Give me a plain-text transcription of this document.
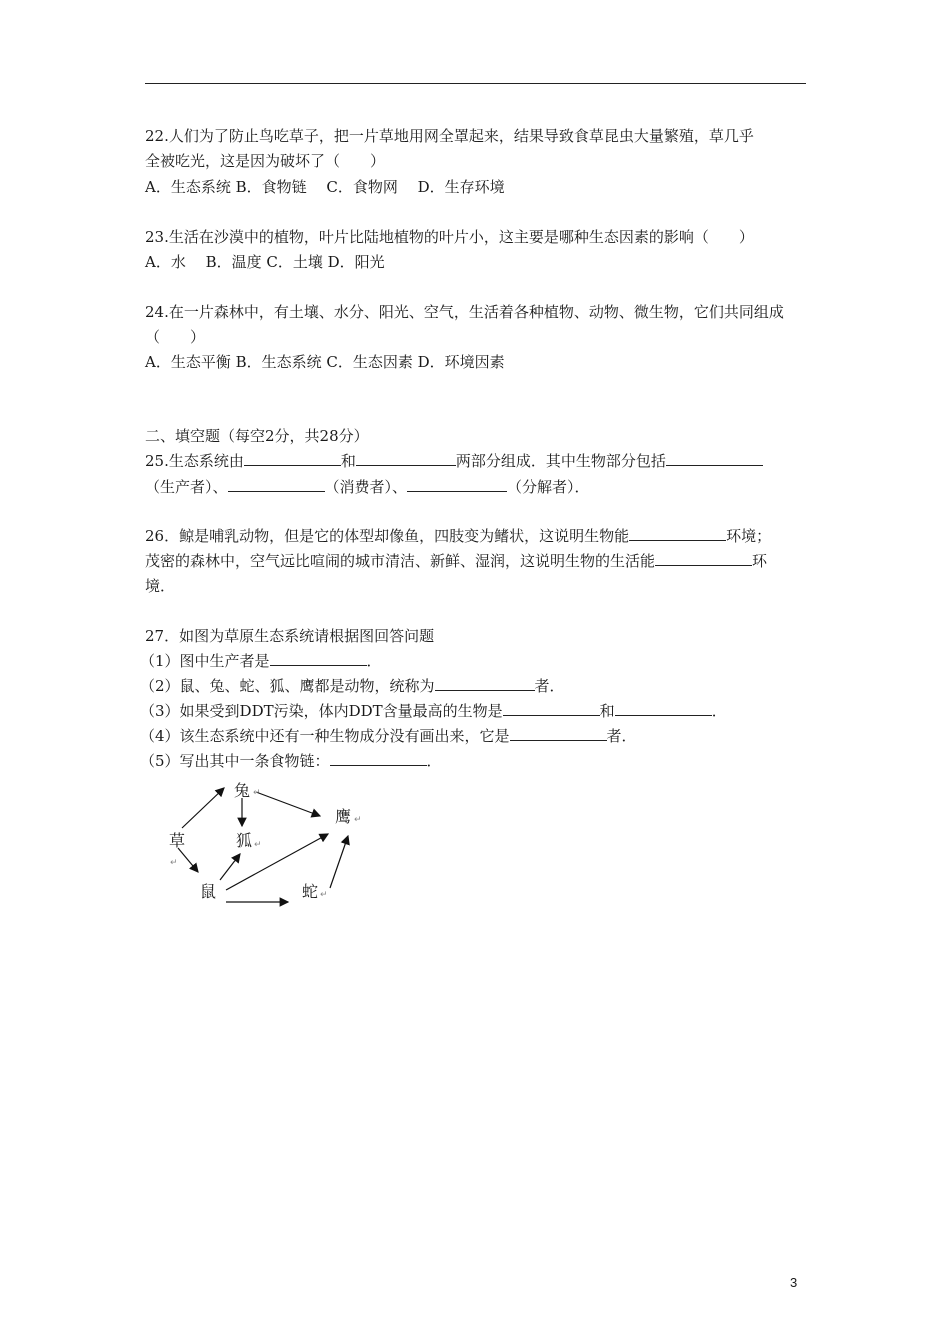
22.人们为了防止鸟吃草子，把一片草地用网全罩起来，结果导致食草昆虫大量繁殖，草几乎
全被吃光，这是因为破坏了（　　）
A．生态系统 B．食物链　 C．食物网　 D．生存环境
23.生活在沙漠中的植物，叶片比陆地植物的叶片小，这主要是哪种生态因素的影响（　　）
A．水　 B．温度 C．土壤 D．阳光
24.在一片森林中，有土壤、水分、阳光、空气，生活着各种植物、动物、微生物，它们共同组成
（　　）
A．生态平衡 B．生态系统 C．生态因素 D．环境因素
二、填空题（每空2分，共28分）
25.生态系统由	和	两部分组成．其中生物部分包括
（生产者）、	（消费者）、	（分解者）．
26．鲸是哺乳动物，但是它的体型却像鱼，四肢变为鳍状，这说明生物能	环境；
茂密的森林中，空气远比喧闹的城市清洁、新鲜、湿润，这说明生物的生活能	环
境．
27．如图为草原生态系统请根据图回答问题
（1）图中生产者是	．
（2）鼠、兔、蛇、狐、鹰都是动物，统称为	者．
（3）如果受到DDT污染，体内DDT含量最高的生物是	和	．
（4）该生态系统中还有一种生物成分没有画出来，它是	者．
（5）写出其中一条食物链：	．
草
兔
狐
鹰
鼠	蛇
↵
↵
↵
↵
↵
3
